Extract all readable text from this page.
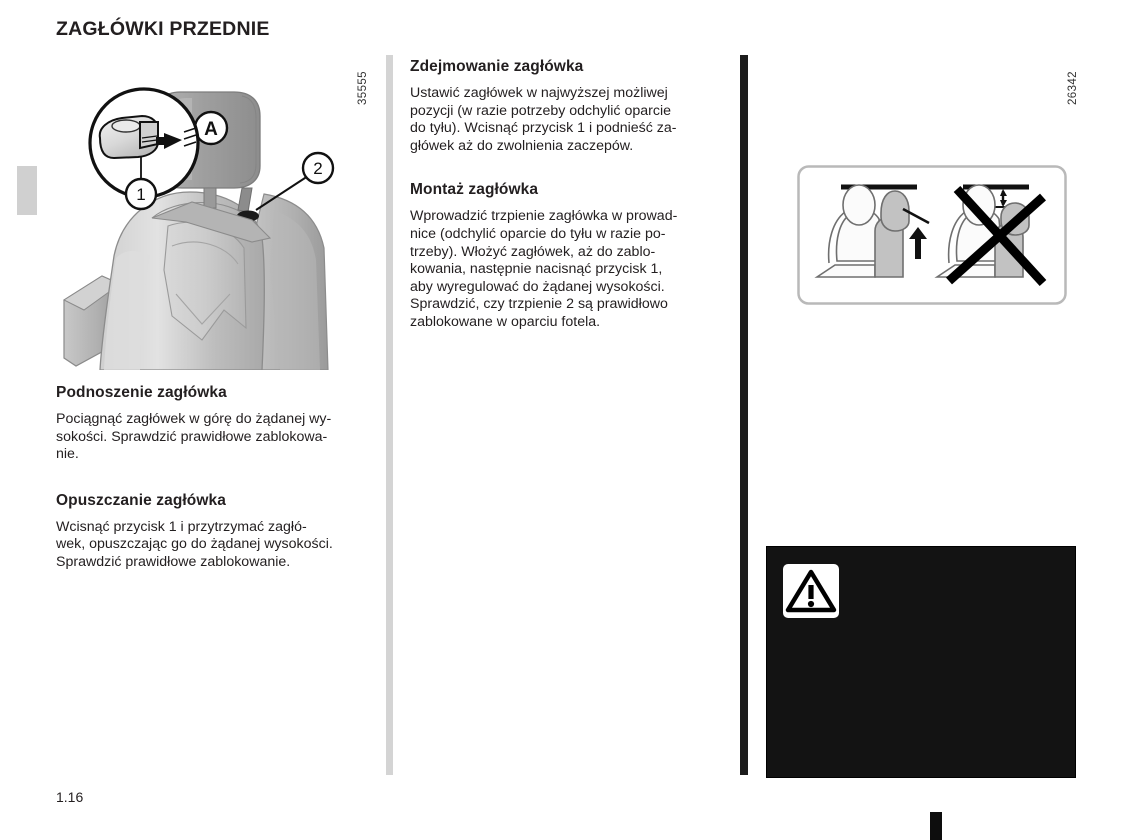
ZAGŁÓWKI PRZEDNIE
35555	26342
2
A
1
Podnoszenie zagłówka

Pociągnąć zagłówek w górę do żądanej wy-
sokości. Sprawdzić prawidłowe zablokowa-
nie.

Opuszczanie zagłówka

Wcisnąć przycisk 1 i przytrzymać zagłó-
wek, opuszczając go do żądanej wysokości.
Sprawdzić prawidłowe zablokowanie.

Zdejmowanie zagłówka

Ustawić zagłówek w najwyższej możliwej
pozycji (w razie potrzeby odchylić oparcie
do tyłu). Wcisnąć przycisk 1 i podnieść za-
główek aż do zwolnienia zaczepów.

Montaż zagłówka

Wprowadzić trzpienie zagłówka w prowad-
nice (odchylić oparcie do tyłu w razie po-
trzeby). Włożyć zagłówek, aż do zablo-
kowania, następnie nacisnąć przycisk 1,
aby wyregulować do żądanej wysokości.
Sprawdzić, czy trzpienie 2 są prawidłowo
zablokowane w oparciu fotela.

1.16
